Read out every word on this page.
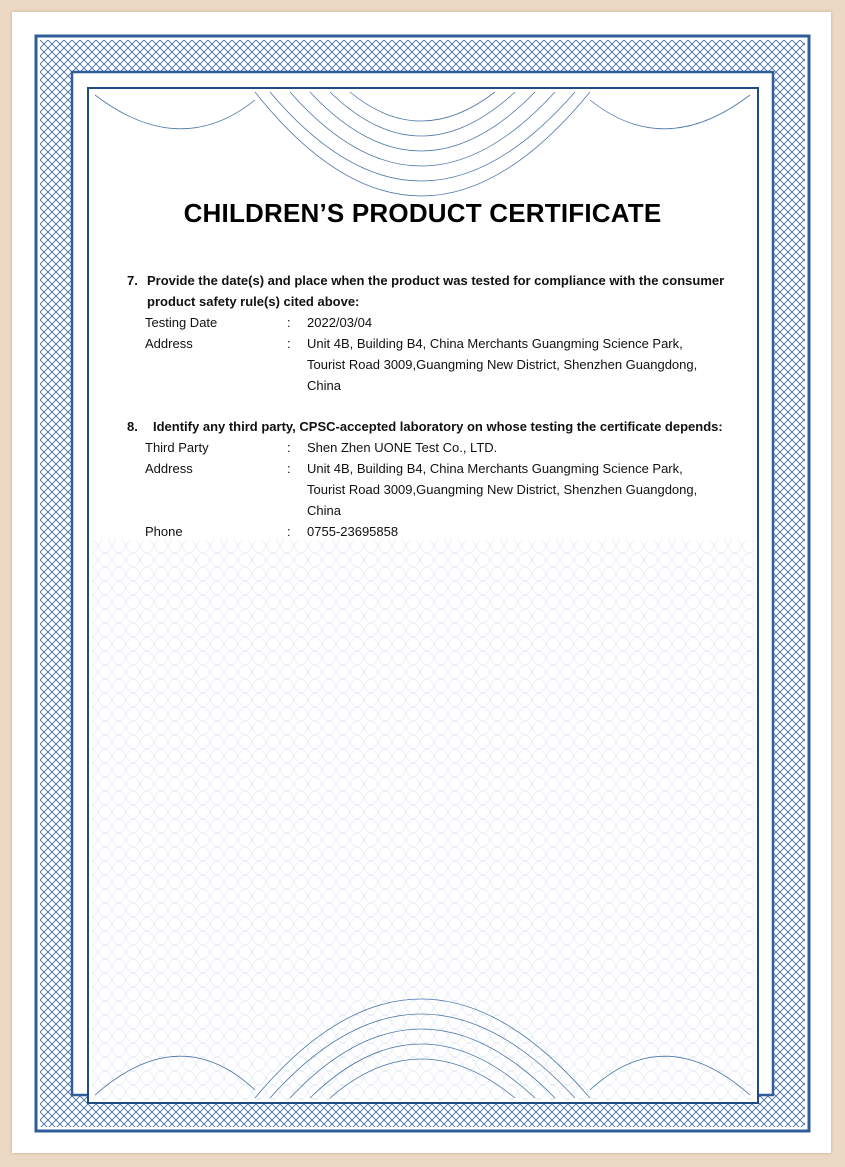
CHILDREN’S PRODUCT CERTIFICATE
7. Provide the date(s) and place when the product was tested for compliance with the consumer
product safety rule(s) cited above:
Testing Date	: 2022/03/04
Address	: Unit 4B, Building B4, China Merchants Guangming Science Park,
Tourist Road 3009,Guangming New District, Shenzhen Guangdong,
China
8. Identify any third party, CPSC-accepted laboratory on whose testing the certificate depends:
Third Party	: Shen Zhen UONE Test Co., LTD.
Address	: Unit 4B, Building B4, China Merchants Guangming Science Park,
Tourist Road 3009,Guangming New District, Shenzhen Guangdong,
China
Phone	: 0755-23695858
